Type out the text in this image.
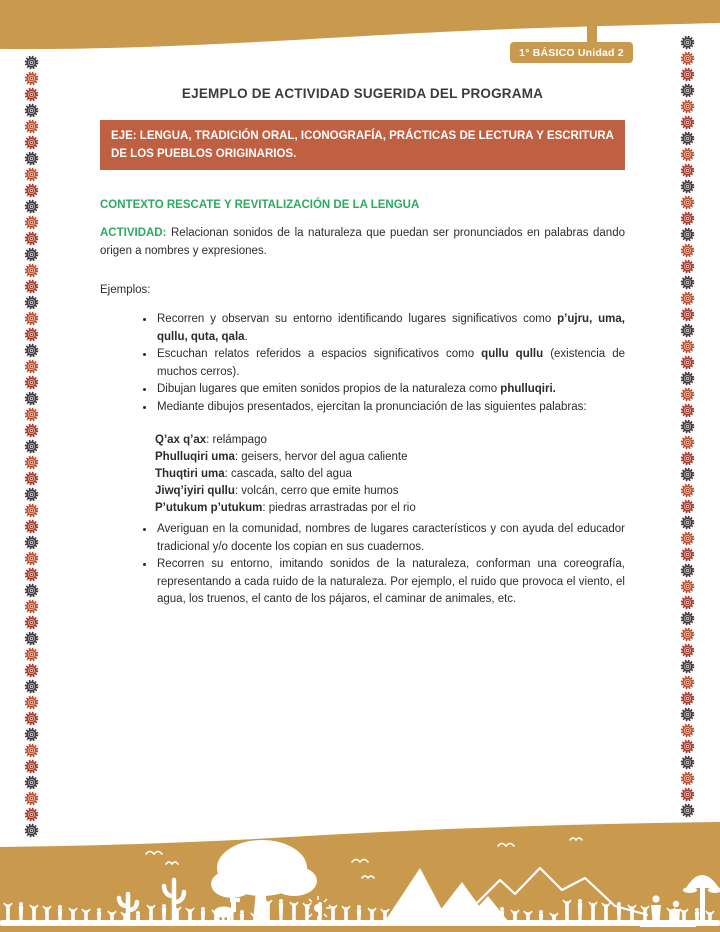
1° BÁSICO Unidad 2
EJEMPLO DE ACTIVIDAD SUGERIDA DEL PROGRAMA
EJE: LENGUA, TRADICIÓN ORAL, ICONOGRAFÍA, PRÁCTICAS DE LECTURA Y ESCRITURA DE LOS PUEBLOS ORIGINARIOS.
CONTEXTO RESCATE Y REVITALIZACIÓN DE LA LENGUA

ACTIVIDAD: Relacionan sonidos de la naturaleza que puedan ser pronunciados en palabras dando origen a nombres y expresiones.

Ejemplos:

• Recorren y observan su entorno identificando lugares significativos como p’ujru, uma, qullu, quta, qala.
• Escuchan relatos referidos a espacios significativos como qullu qullu (existencia de muchos cerros).
• Dibujan lugares que emiten sonidos propios de la naturaleza como phulluqiri.
• Mediante dibujos presentados, ejercitan la pronunciación de las siguientes palabras:
Q’ax q’ax: relámpago
Phulluqiri uma: geisers, hervor del agua caliente
Thuqtiri uma: cascada, salto del agua
Jiwq’iyiri qullu: volcán, cerro que emite humos
P’utukum p’utukum: piedras arrastradas por el rio
• Averiguan en la comunidad, nombres de lugares característicos y con ayuda del educador tradicional y/o docente los copian en sus cuadernos.
• Recorren su entorno, imitando sonidos de la naturaleza, conforman una coreografía, representando a cada ruido de la naturaleza. Por ejemplo, el ruido que provoca el viento, el agua, los truenos, el canto de los pájaros, el caminar de animales, etc.
